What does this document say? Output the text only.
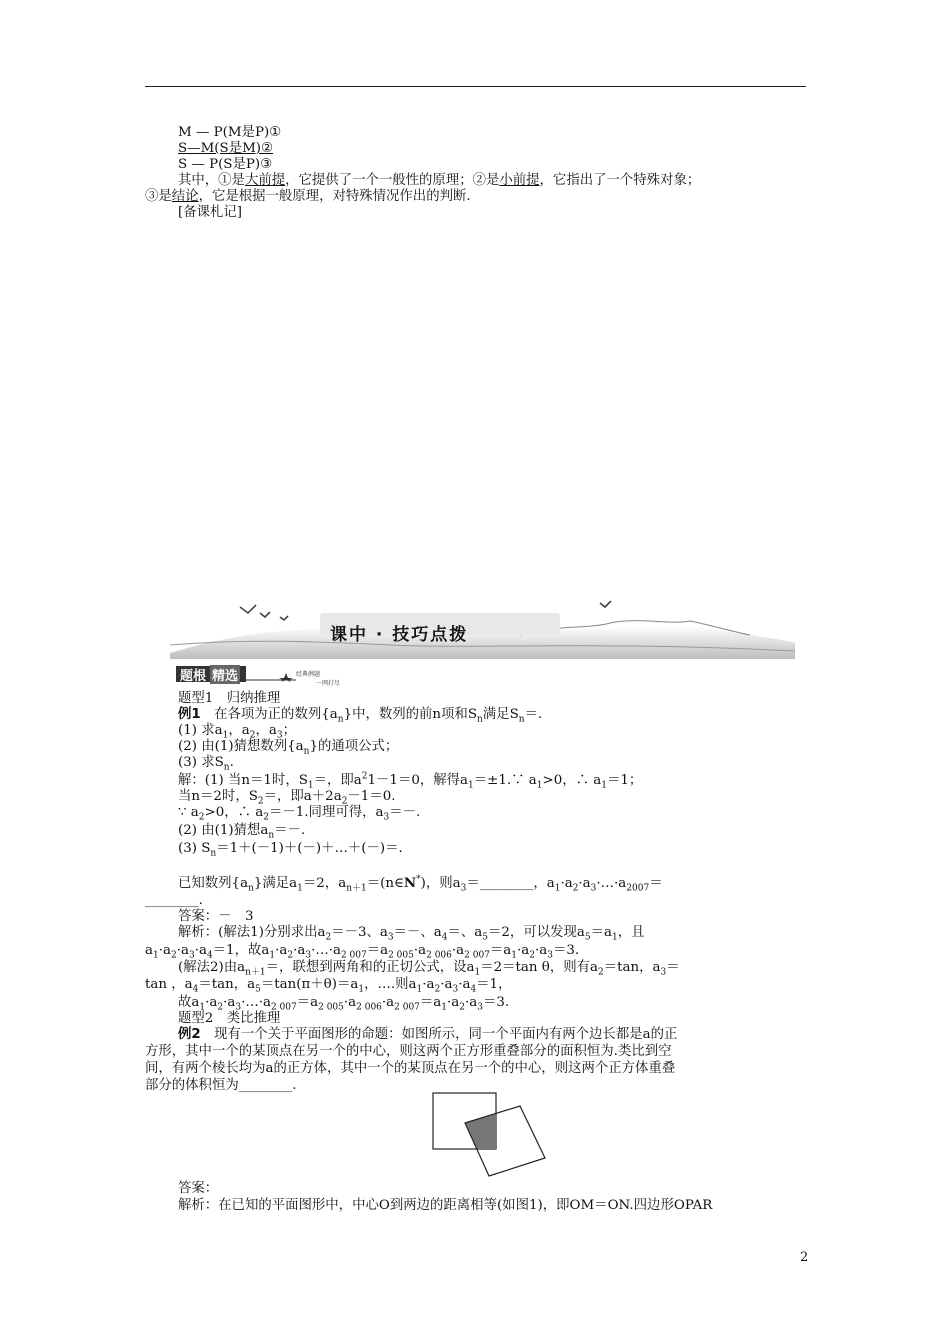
M — P(M是P)①
S—M(S是M)②
S — P(S是P)③
其中，①是大前提，它提供了一个一般性的原理；②是小前提，它指出了一个特殊对象；
③是结论，它是根据一般原理，对特殊情况作出的判断.
[备课札记]
课中 · 技巧点拨
题根 精选	经典例题
一网打尽
题型1　归纳推理
例1　在各项为正的数列$\{a_n\}$中，数列的前n项和$S_n$满足$S_n=$.
(1) 求$a_1$，$a_2$，$a_3$；
(2) 由(1)猜想数列$\{a_n\}$的通项公式；
(3) 求$S_n$.
解：(1) 当n＝1时，$S_1=$，即$a^21-1=0$，解得$a_1=\pm 1.\because$ $a_1>0$，∴ $a_1=1$；
当n＝2时，$S_2=$，即$a+2a_2-1=0$.
∵ $a_2>0$，∴ $a_2=-1$.同理可得，$a_3=-$.
(2) 由(1)猜想$a_n=-$.
(3) $S_n=1+(-1)+(-)+\dots+(-)=$.
已知数列$\{a_n\}$满足$a_1=2$，$a_{n+1}=(n\in N^*)$，则$a_3=\_\_\_\_\_\_\_\_$，$a_1\cdot a_2\cdot a_3\cdot\dots\cdot a_{2007}=$
________.
答案：－　3
解析：(解法1)分别求出$a_2=-3$、$a_3=-$、$a_4=$、$a_5=2$，可以发现$a_5=a_1$，且
$a_1\cdot a_2\cdot a_3\cdot a_4=1$，故$a_1\cdot a_2\cdot a_3\cdot\dots\cdot a_{2 007}=a_{2 005}\cdot a_{2 006}\cdot a_{2 007}=a_1\cdot a_2\cdot a_3=3$.
(解法2)由$a_{n+1}=$，联想到两角和的正切公式，设$a_1=2=\tan$ θ，则有$a_2=\tan$，$a_3=$
tan ，$a_4=\tan$，$a_5=\tan(\pi+\theta)=a_1$，….则$a_1\cdot a_2\cdot a_3\cdot a_4=1$，
故$a_1\cdot a_2\cdot a_3\cdot\dots\cdot a_{2 007}=a_{2 005}\cdot a_{2 006}\cdot a_{2 007}=a_1\cdot a_2\cdot a_3=3$.
题型2　类比推理
例2　现有一个关于平面图形的命题：如图所示，同一个平面内有两个边长都是a的正
方形，其中一个的某顶点在另一个的中心，则这两个正方形重叠部分的面积恒为.类比到空
间，有两个棱长均为a的正方体，其中一个的某顶点在另一个的中心，则这两个正方体重叠
部分的体积恒为________.
答案：
解析：在已知的平面图形中，中心O到两边的距离相等(如图1)，即OM＝ON.四边形OPAR
2
